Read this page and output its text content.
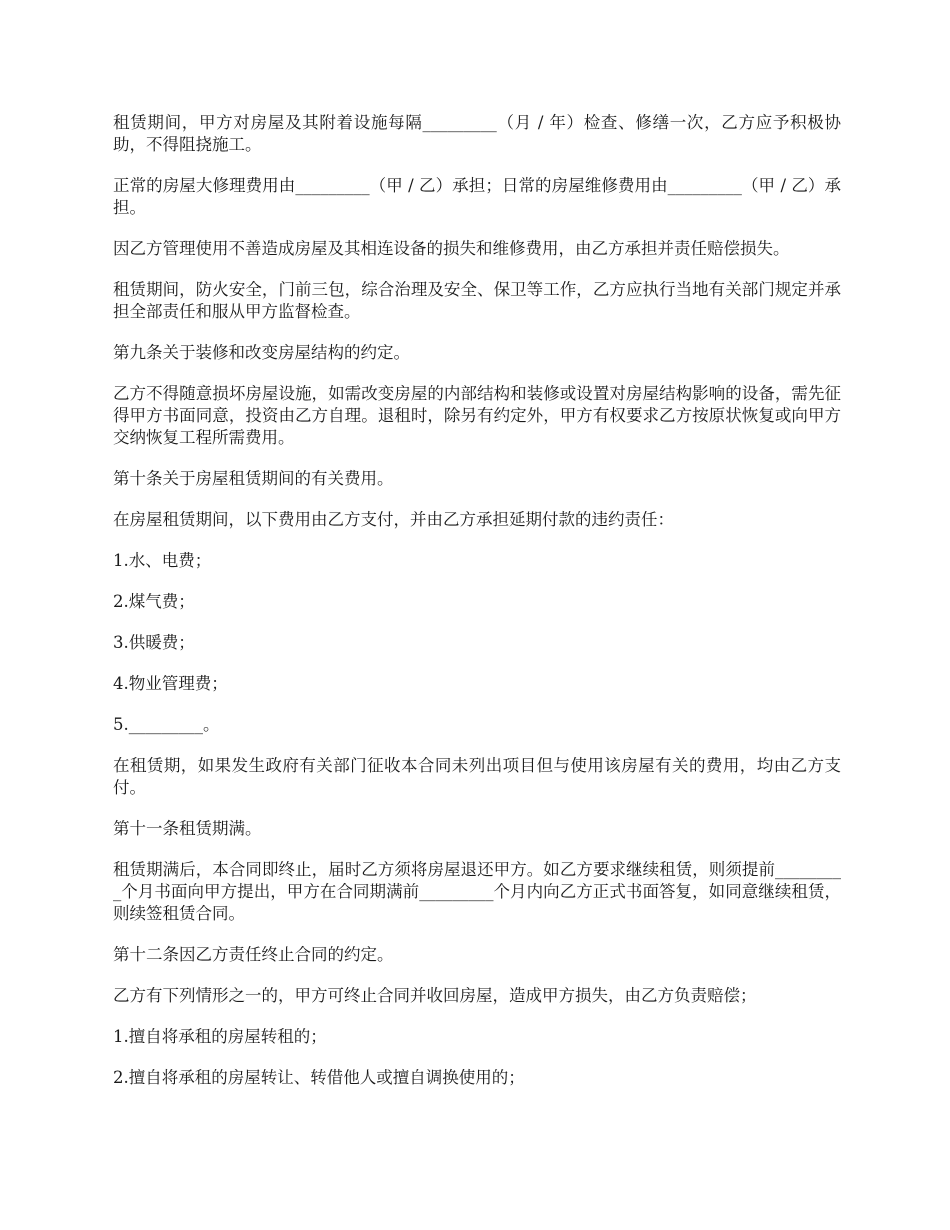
租赁期间，甲方对房屋及其附着设施每隔_________（月 / 年）检查、修缮一次，乙方应予积极协助，不得阻挠施工。

正常的房屋大修理费用由_________（甲 / 乙）承担；日常的房屋维修费用由_________（甲 / 乙）承担。

因乙方管理使用不善造成房屋及其相连设备的损失和维修费用，由乙方承担并责任赔偿损失。

租赁期间，防火安全，门前三包，综合治理及安全、保卫等工作，乙方应执行当地有关部门规定并承担全部责任和服从甲方监督检查。

第九条关于装修和改变房屋结构的约定。

乙方不得随意损坏房屋设施，如需改变房屋的内部结构和装修或设置对房屋结构影响的设备，需先征得甲方书面同意，投资由乙方自理。退租时，除另有约定外，甲方有权要求乙方按原状恢复或向甲方交纳恢复工程所需费用。

第十条关于房屋租赁期间的有关费用。

在房屋租赁期间，以下费用由乙方支付，并由乙方承担延期付款的违约责任：

1.水、电费；

2.煤气费；

3.供暖费；

4.物业管理费；

5._________。

在租赁期，如果发生政府有关部门征收本合同未列出项目但与使用该房屋有关的费用，均由乙方支付。

第十一条租赁期满。

租赁期满后，本合同即终止，届时乙方须将房屋退还甲方。如乙方要求继续租赁，则须提前_________个月书面向甲方提出，甲方在合同期满前_________个月内向乙方正式书面答复，如同意继续租赁，则续签租赁合同。

第十二条因乙方责任终止合同的约定。

乙方有下列情形之一的，甲方可终止合同并收回房屋，造成甲方损失，由乙方负责赔偿；

1.擅自将承租的房屋转租的；

2.擅自将承租的房屋转让、转借他人或擅自调换使用的；
